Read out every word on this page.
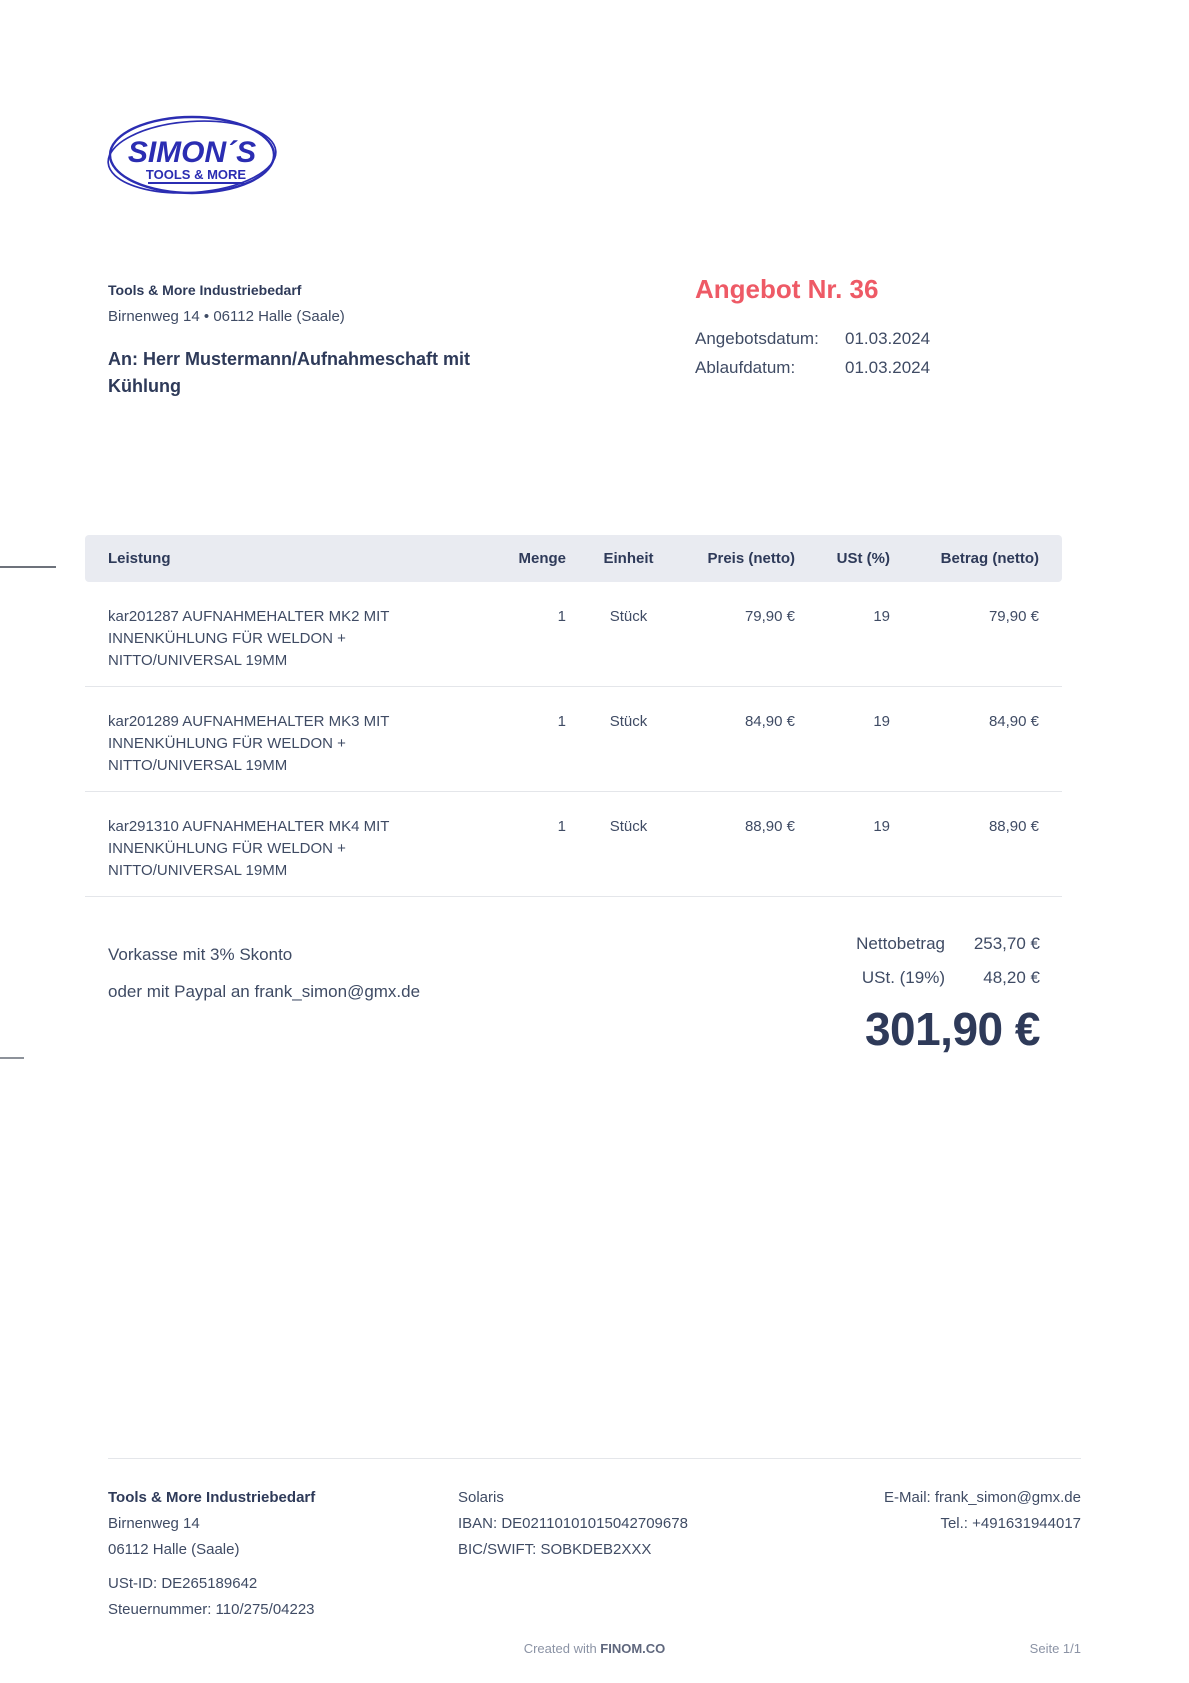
SIMON´S
TOOLS & MORE
Tools & More Industriebedarf
Birnenweg 14 • 06112 Halle (Saale)
An: Herr Mustermann/Aufnahmeschaft mit Kühlung
Angebot Nr. 36
Angebotsdatum:	01.03.2024
Ablaufdatum:	01.03.2024
Leistung	Menge	Einheit	Preis (netto)	USt (%)	Betrag (netto)
kar201287 AUFNAHMEHALTER MK2 MIT INNENKÜHLUNG FÜR WELDON + NITTO/UNIVERSAL 19MM
1	Stück	79,90 €	19	79,90 €
kar201289 AUFNAHMEHALTER MK3 MIT INNENKÜHLUNG FÜR WELDON + NITTO/UNIVERSAL 19MM
1	Stück	84,90 €	19	84,90 €
kar291310 AUFNAHMEHALTER MK4 MIT INNENKÜHLUNG FÜR WELDON + NITTO/UNIVERSAL 19MM
1	Stück	88,90 €	19	88,90 €
Vorkasse mit 3% Skonto
oder mit Paypal an frank_simon@gmx.de
Nettobetrag	253,70 €
USt. (19%)	48,20 €
301,90 €
Tools & More Industriebedarf
Birnenweg 14
06112 Halle (Saale)
USt-ID: DE265189642
Steuernummer: 110/275/04223
Solaris
IBAN: DE02110101015042709678
BIC/SWIFT: SOBKDEB2XXX
E-Mail: frank_simon@gmx.de
Tel.: +491631944017
Created with FINOM.CO	Seite 1/1
